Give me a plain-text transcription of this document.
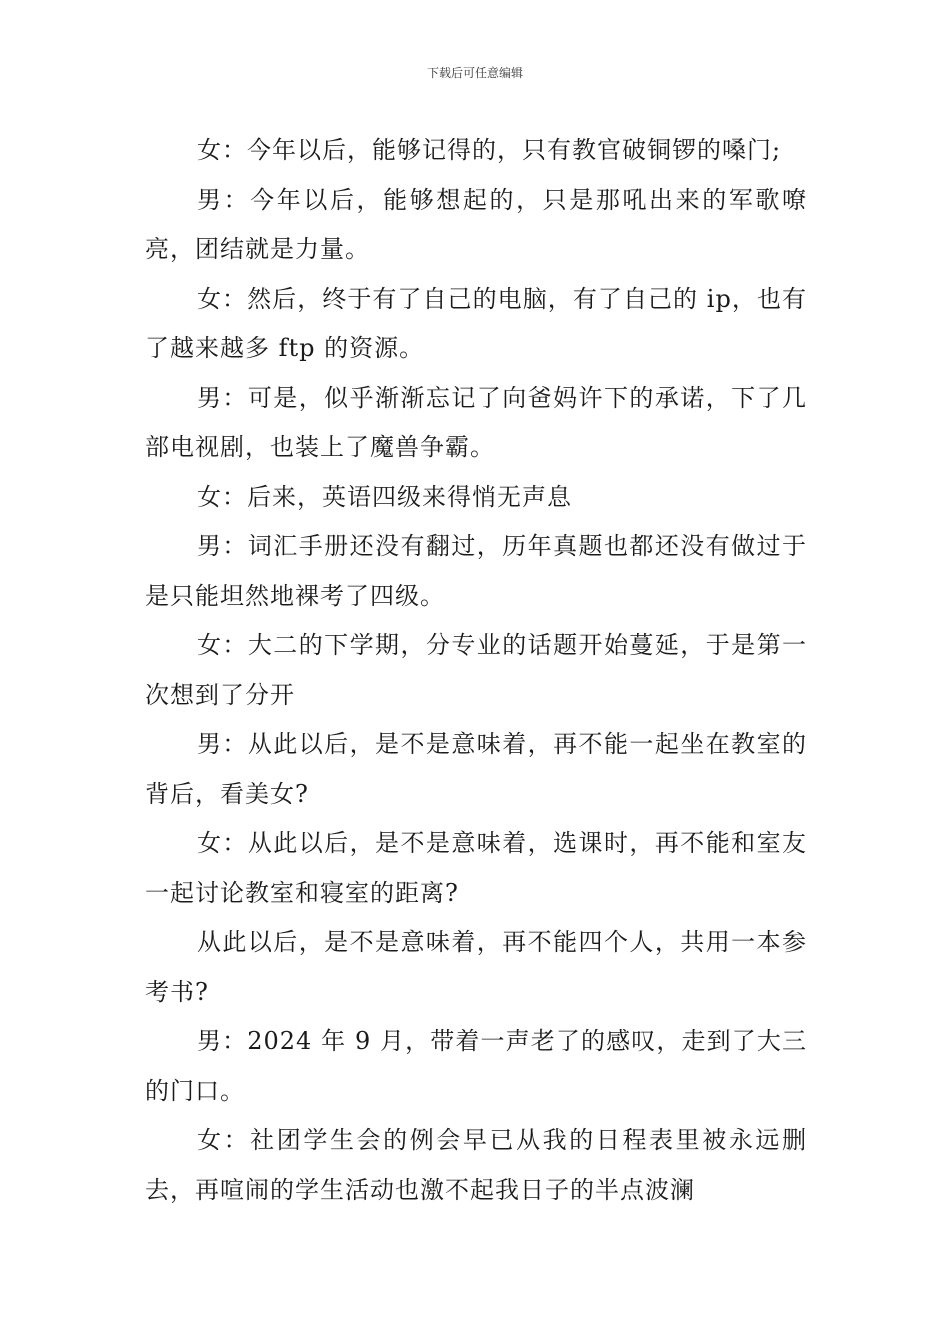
下载后可任意编辑

女：今年以后，能够记得的，只有教官破铜锣的嗓门;

男：今年以后，能够想起的，只是那吼出来的军歌嘹亮，团结就是力量。

女：然后，终于有了自己的电脑，有了自己的 ip，也有了越来越多 ftp 的资源。

男：可是，似乎渐渐忘记了向爸妈许下的承诺，下了几部电视剧，也装上了魔兽争霸。

女：后来，英语四级来得悄无声息

男：词汇手册还没有翻过，历年真题也都还没有做过于是只能坦然地裸考了四级。

女：大二的下学期，分专业的话题开始蔓延，于是第一次想到了分开

男：从此以后，是不是意味着，再不能一起坐在教室的背后，看美女?

女：从此以后，是不是意味着，选课时，再不能和室友一起讨论教室和寝室的距离?

从此以后，是不是意味着，再不能四个人，共用一本参考书?

男：2024 年 9 月，带着一声老了的感叹，走到了大三的门口。

女：社团学生会的例会早已从我的日程表里被永远删去，再喧闹的学生活动也激不起我日子的半点波澜
